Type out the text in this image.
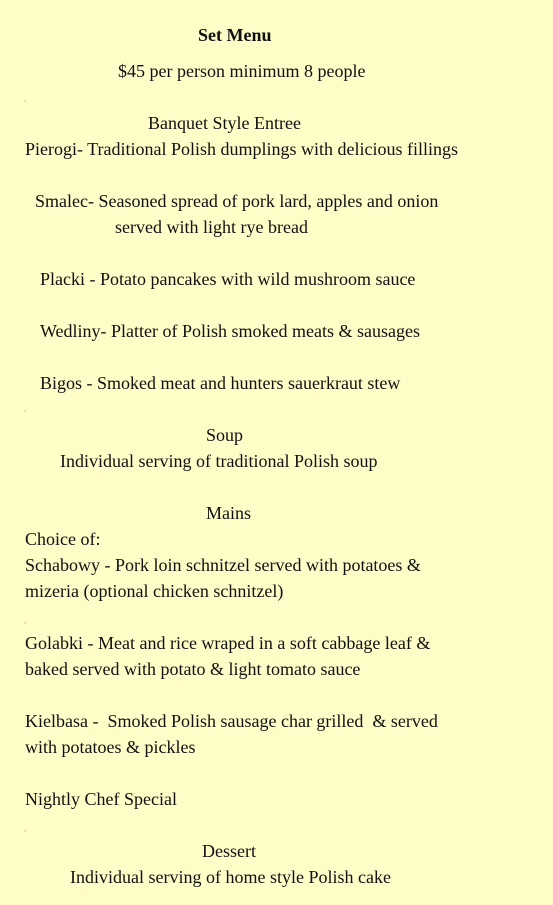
Set Menu
$45 per person minimum 8 people
Banquet Style Entree
Pierogi- Traditional Polish dumplings with delicious fillings
Smalec- Seasoned spread of pork lard, apples and onion
served with light rye bread
Placki - Potato pancakes with wild mushroom sauce
Wedliny- Platter of Polish smoked meats & sausages
Bigos - Smoked meat and hunters sauerkraut stew
Soup
Individual serving of traditional Polish soup
Mains
Choice of:
Schabowy - Pork loin schnitzel served with potatoes &
mizeria (optional chicken schnitzel)
Golabki - Meat and rice wraped in a soft cabbage leaf &
baked served with potato & light tomato sauce
Kielbasa -  Smoked Polish sausage char grilled  & served
with potatoes & pickles
Nightly Chef Special
Dessert
Individual serving of home style Polish cake
